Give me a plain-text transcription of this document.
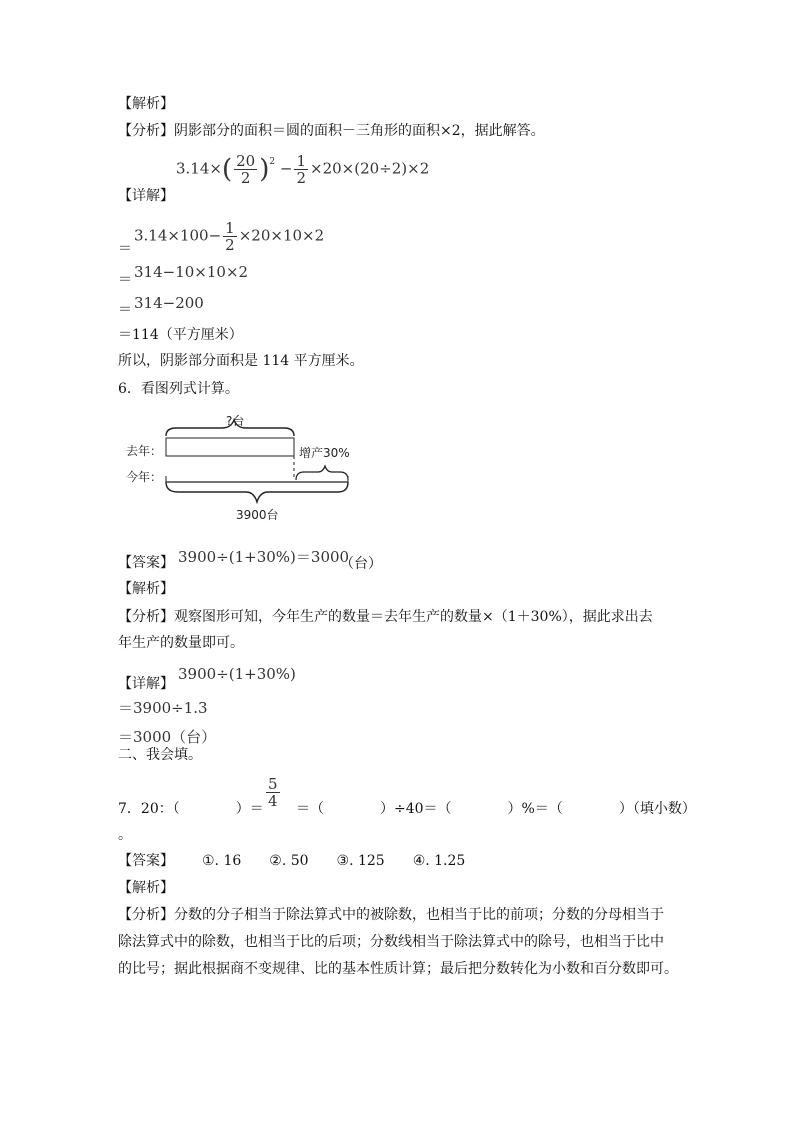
【解析】
【分析】阴影部分的面积＝圆的面积－三角形的面积×2，据此解答。
$3.14\times( \frac{20}{2} )^2 - \frac{1}{2} \times 20\times(20\div 2)\times 2$
【详解】
＝
$3.14\times 100- \frac{1}{2} \times 20\times 10\times 2$
＝ 314−10×10×2
＝ 314−200
＝114（平方厘米）
所以，阴影部分面积是 114 平方厘米。
6．看图列式计算。
?台
去年：	增产30%
今年：
3900台
【答案】 3900÷(1+30%)＝3000
（台）
【解析】
【分析】观察图形可知，今年生产的数量＝去年生产的数量×（1＋30%），据此求出去
年生产的数量即可。
3900÷(1+30%)
【详解】
＝3900÷1.3
＝3000（台）
二、我会填。
7．20：（　　　　）＝ $\frac{5}{4}$ ＝（　　　　）÷40＝（　　　　）%＝（　　　　）（填小数）
。
【答案】 ①. 16　　②. 50　　③. 125　　④. 1.25
【解析】
【分析】分数的分子相当于除法算式中的被除数，也相当于比的前项；分数的分母相当于
除法算式中的除数，也相当于比的后项；分数线相当于除法算式中的除号，也相当于比中
的比号；据此根据商不变规律、比的基本性质计算；最后把分数转化为小数和百分数即可。
